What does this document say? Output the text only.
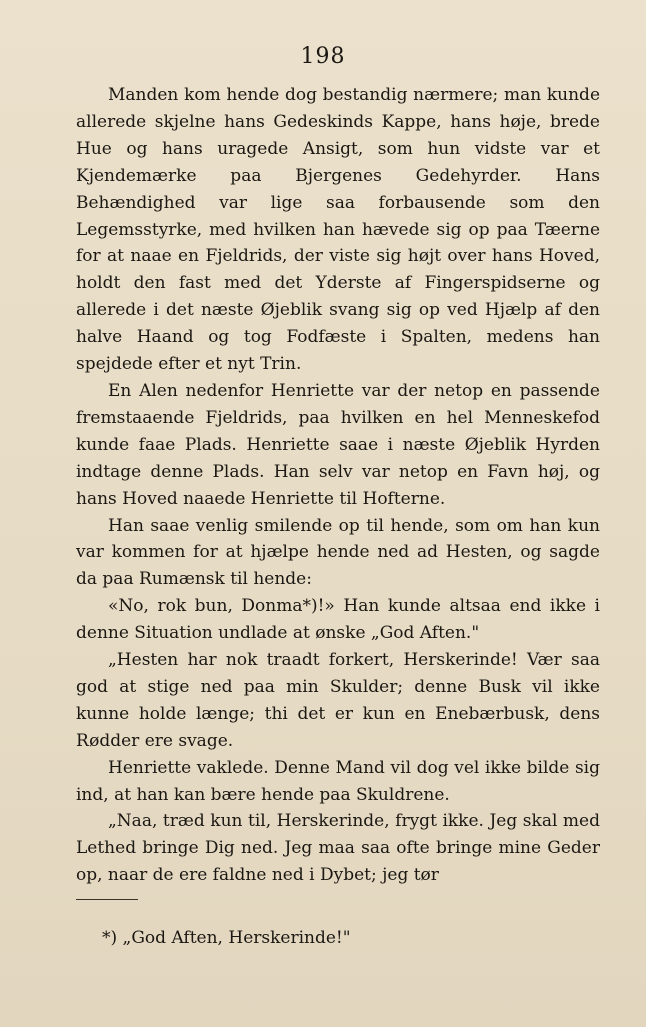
198

Manden kom hende dog bestandig nærmere; man kunde allerede skjelne hans Gedeskinds Kappe, hans høje, brede Hue og hans uragede Ansigt, som hun vidste var et Kjendemærke paa Bjergenes Gedehyrder. Hans Behændighed var lige saa forbausende som den Legemsstyrke, med hvilken han hævede sig op paa Tæerne for at naae en Fjeldrids, der viste sig højt over hans Hoved, holdt den fast med det Yderste af Fingerspidserne og allerede i det næste Øjeblik svang sig op ved Hjælp af den halve Haand og tog Fodfæste i Spalten, medens han spejdede efter et nyt Trin.

En Alen nedenfor Henriette var der netop en passende fremstaaende Fjeldrids, paa hvilken en hel Menneskefod kunde faae Plads. Henriette saae i næste Øjeblik Hyrden indtage denne Plads. Han selv var netop en Favn høj, og hans Hoved naaede Henriette til Hofterne.

Han saae venlig smilende op til hende, som om han kun var kommen for at hjælpe hende ned ad Hesten, og sagde da paa Rumænsk til hende:

«No, rok bun, Donma*)!» Han kunde altsaa end ikke i denne Situation undlade at ønske „God Aften."

„Hesten har nok traadt forkert, Herskerinde! Vær saa god at stige ned paa min Skulder; denne Busk vil ikke kunne holde længe; thi det er kun en Enebærbusk, dens Rødder ere svage.

Henriette vaklede. Denne Mand vil dog vel ikke bilde sig ind, at han kan bære hende paa Skuldrene.

„Naa, træd kun til, Herskerinde, frygt ikke. Jeg skal med Lethed bringe Dig ned. Jeg maa saa ofte bringe mine Geder op, naar de ere faldne ned i Dybet; jeg tør

*) „God Aften, Herskerinde!"
